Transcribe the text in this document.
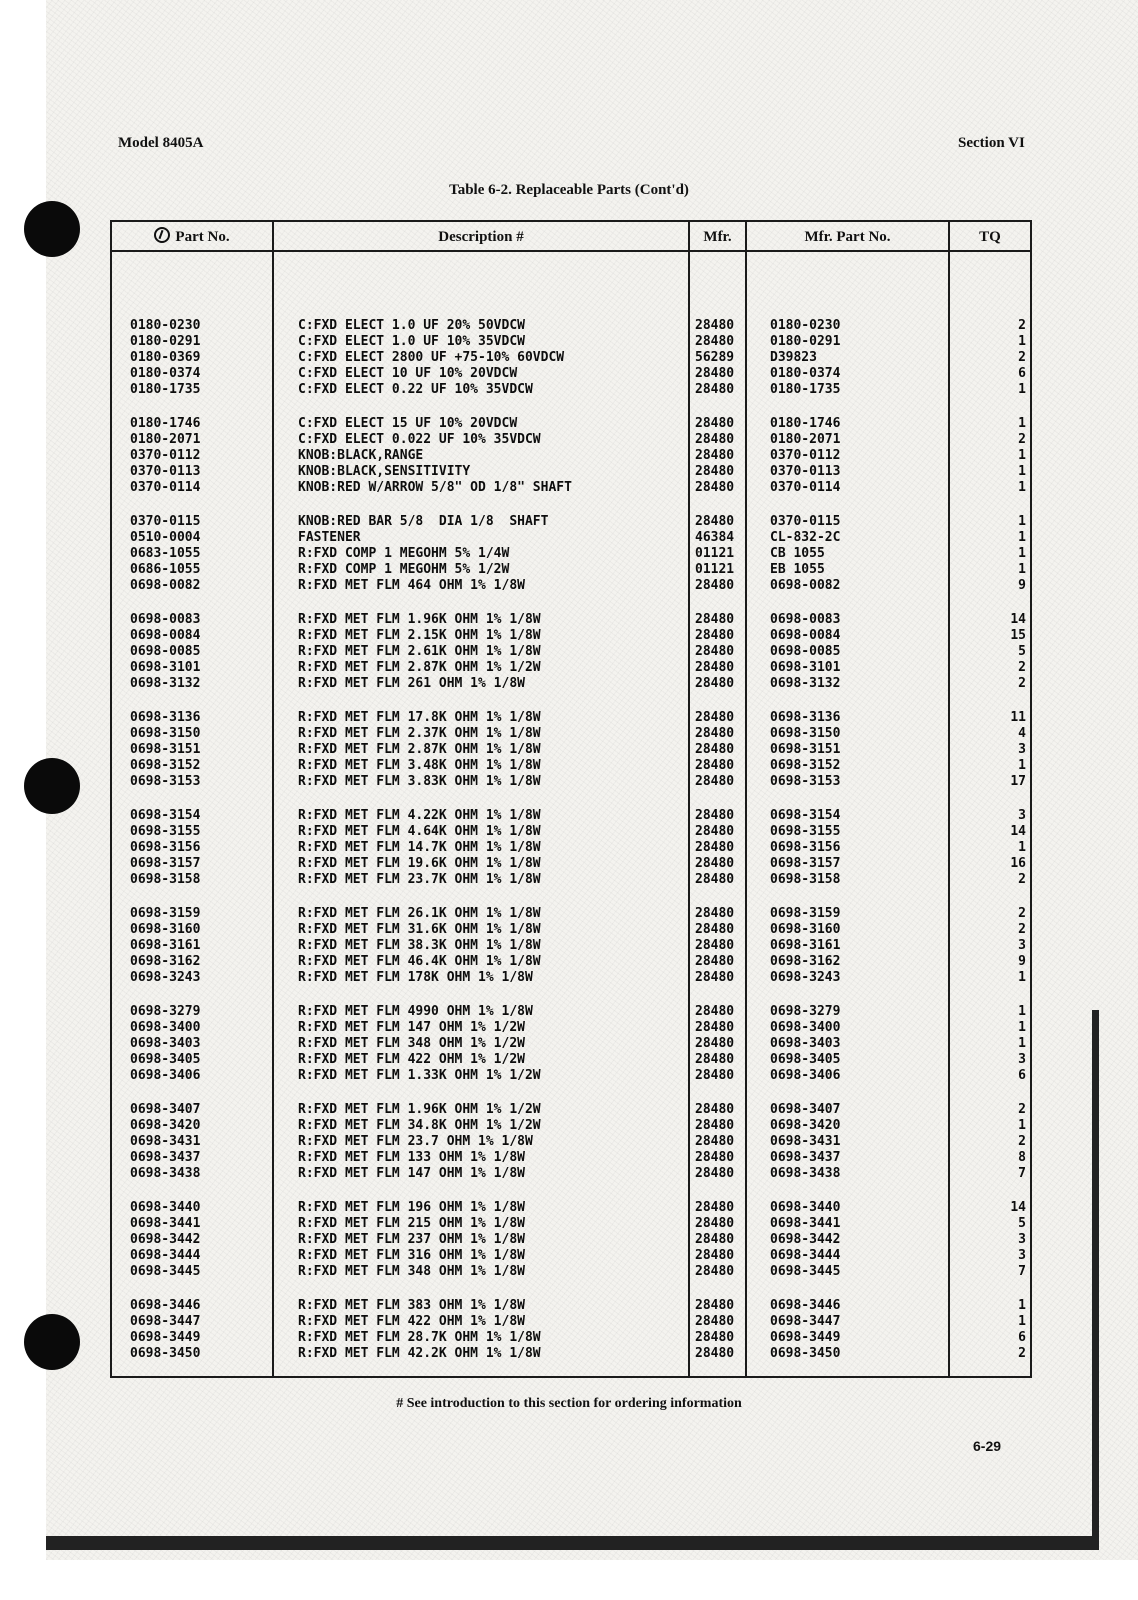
Model 8405A	Section VI
Table 6-2. Replaceable Parts (Cont'd)
Part No.	Description #	Mfr.	Mfr. Part No.	TQ
0180-0230	C:FXD ELECT 1.0 UF 20% 50VDCW	28480	0180-0230	2
0180-0291	C:FXD ELECT 1.0 UF 10% 35VDCW	28480	0180-0291	1
0180-0369	C:FXD ELECT 2800 UF +75-10% 60VDCW	56289	D39823	2
0180-0374	C:FXD ELECT 10 UF 10% 20VDCW	28480	0180-0374	6
0180-1735	C:FXD ELECT 0.22 UF 10% 35VDCW	28480	0180-1735	1
0180-1746	C:FXD ELECT 15 UF 10% 20VDCW	28480	0180-1746	1
0180-2071	C:FXD ELECT 0.022 UF 10% 35VDCW	28480	0180-2071	2
0370-0112	KNOB:BLACK,RANGE	28480	0370-0112	1
0370-0113	KNOB:BLACK,SENSITIVITY	28480	0370-0113	1
0370-0114	KNOB:RED W/ARROW 5/8" OD 1/8" SHAFT	28480	0370-0114	1
0370-0115	KNOB:RED BAR 5/8  DIA 1/8  SHAFT	28480	0370-0115	1
0510-0004	FASTENER	46384	CL-832-2C	1
0683-1055	R:FXD COMP 1 MEGOHM 5% 1/4W	01121	CB 1055	1
0686-1055	R:FXD COMP 1 MEGOHM 5% 1/2W	01121	EB 1055	1
0698-0082	R:FXD MET FLM 464 OHM 1% 1/8W	28480	0698-0082	9
0698-0083	R:FXD MET FLM 1.96K OHM 1% 1/8W	28480	0698-0083	14
0698-0084	R:FXD MET FLM 2.15K OHM 1% 1/8W	28480	0698-0084	15
0698-0085	R:FXD MET FLM 2.61K OHM 1% 1/8W	28480	0698-0085	5
0698-3101	R:FXD MET FLM 2.87K OHM 1% 1/2W	28480	0698-3101	2
0698-3132	R:FXD MET FLM 261 OHM 1% 1/8W	28480	0698-3132	2
0698-3136	R:FXD MET FLM 17.8K OHM 1% 1/8W	28480	0698-3136	11
0698-3150	R:FXD MET FLM 2.37K OHM 1% 1/8W	28480	0698-3150	4
0698-3151	R:FXD MET FLM 2.87K OHM 1% 1/8W	28480	0698-3151	3
0698-3152	R:FXD MET FLM 3.48K OHM 1% 1/8W	28480	0698-3152	1
0698-3153	R:FXD MET FLM 3.83K OHM 1% 1/8W	28480	0698-3153	17
0698-3154	R:FXD MET FLM 4.22K OHM 1% 1/8W	28480	0698-3154	3
0698-3155	R:FXD MET FLM 4.64K OHM 1% 1/8W	28480	0698-3155	14
0698-3156	R:FXD MET FLM 14.7K OHM 1% 1/8W	28480	0698-3156	1
0698-3157	R:FXD MET FLM 19.6K OHM 1% 1/8W	28480	0698-3157	16
0698-3158	R:FXD MET FLM 23.7K OHM 1% 1/8W	28480	0698-3158	2
0698-3159	R:FXD MET FLM 26.1K OHM 1% 1/8W	28480	0698-3159	2
0698-3160	R:FXD MET FLM 31.6K OHM 1% 1/8W	28480	0698-3160	2
0698-3161	R:FXD MET FLM 38.3K OHM 1% 1/8W	28480	0698-3161	3
0698-3162	R:FXD MET FLM 46.4K OHM 1% 1/8W	28480	0698-3162	9
0698-3243	R:FXD MET FLM 178K OHM 1% 1/8W	28480	0698-3243	1
0698-3279	R:FXD MET FLM 4990 OHM 1% 1/8W	28480	0698-3279	1
0698-3400	R:FXD MET FLM 147 OHM 1% 1/2W	28480	0698-3400	1
0698-3403	R:FXD MET FLM 348 OHM 1% 1/2W	28480	0698-3403	1
0698-3405	R:FXD MET FLM 422 OHM 1% 1/2W	28480	0698-3405	3
0698-3406	R:FXD MET FLM 1.33K OHM 1% 1/2W	28480	0698-3406	6
0698-3407	R:FXD MET FLM 1.96K OHM 1% 1/2W	28480	0698-3407	2
0698-3420	R:FXD MET FLM 34.8K OHM 1% 1/2W	28480	0698-3420	1
0698-3431	R:FXD MET FLM 23.7 OHM 1% 1/8W	28480	0698-3431	2
0698-3437	R:FXD MET FLM 133 OHM 1% 1/8W	28480	0698-3437	8
0698-3438	R:FXD MET FLM 147 OHM 1% 1/8W	28480	0698-3438	7
0698-3440	R:FXD MET FLM 196 OHM 1% 1/8W	28480	0698-3440	14
0698-3441	R:FXD MET FLM 215 OHM 1% 1/8W	28480	0698-3441	5
0698-3442	R:FXD MET FLM 237 OHM 1% 1/8W	28480	0698-3442	3
0698-3444	R:FXD MET FLM 316 OHM 1% 1/8W	28480	0698-3444	3
0698-3445	R:FXD MET FLM 348 OHM 1% 1/8W	28480	0698-3445	7
0698-3446	R:FXD MET FLM 383 OHM 1% 1/8W	28480	0698-3446	1
0698-3447	R:FXD MET FLM 422 OHM 1% 1/8W	28480	0698-3447	1
0698-3449	R:FXD MET FLM 28.7K OHM 1% 1/8W	28480	0698-3449	6
0698-3450	R:FXD MET FLM 42.2K OHM 1% 1/8W	28480	0698-3450	2
# See introduction to this section for ordering information
6-29
